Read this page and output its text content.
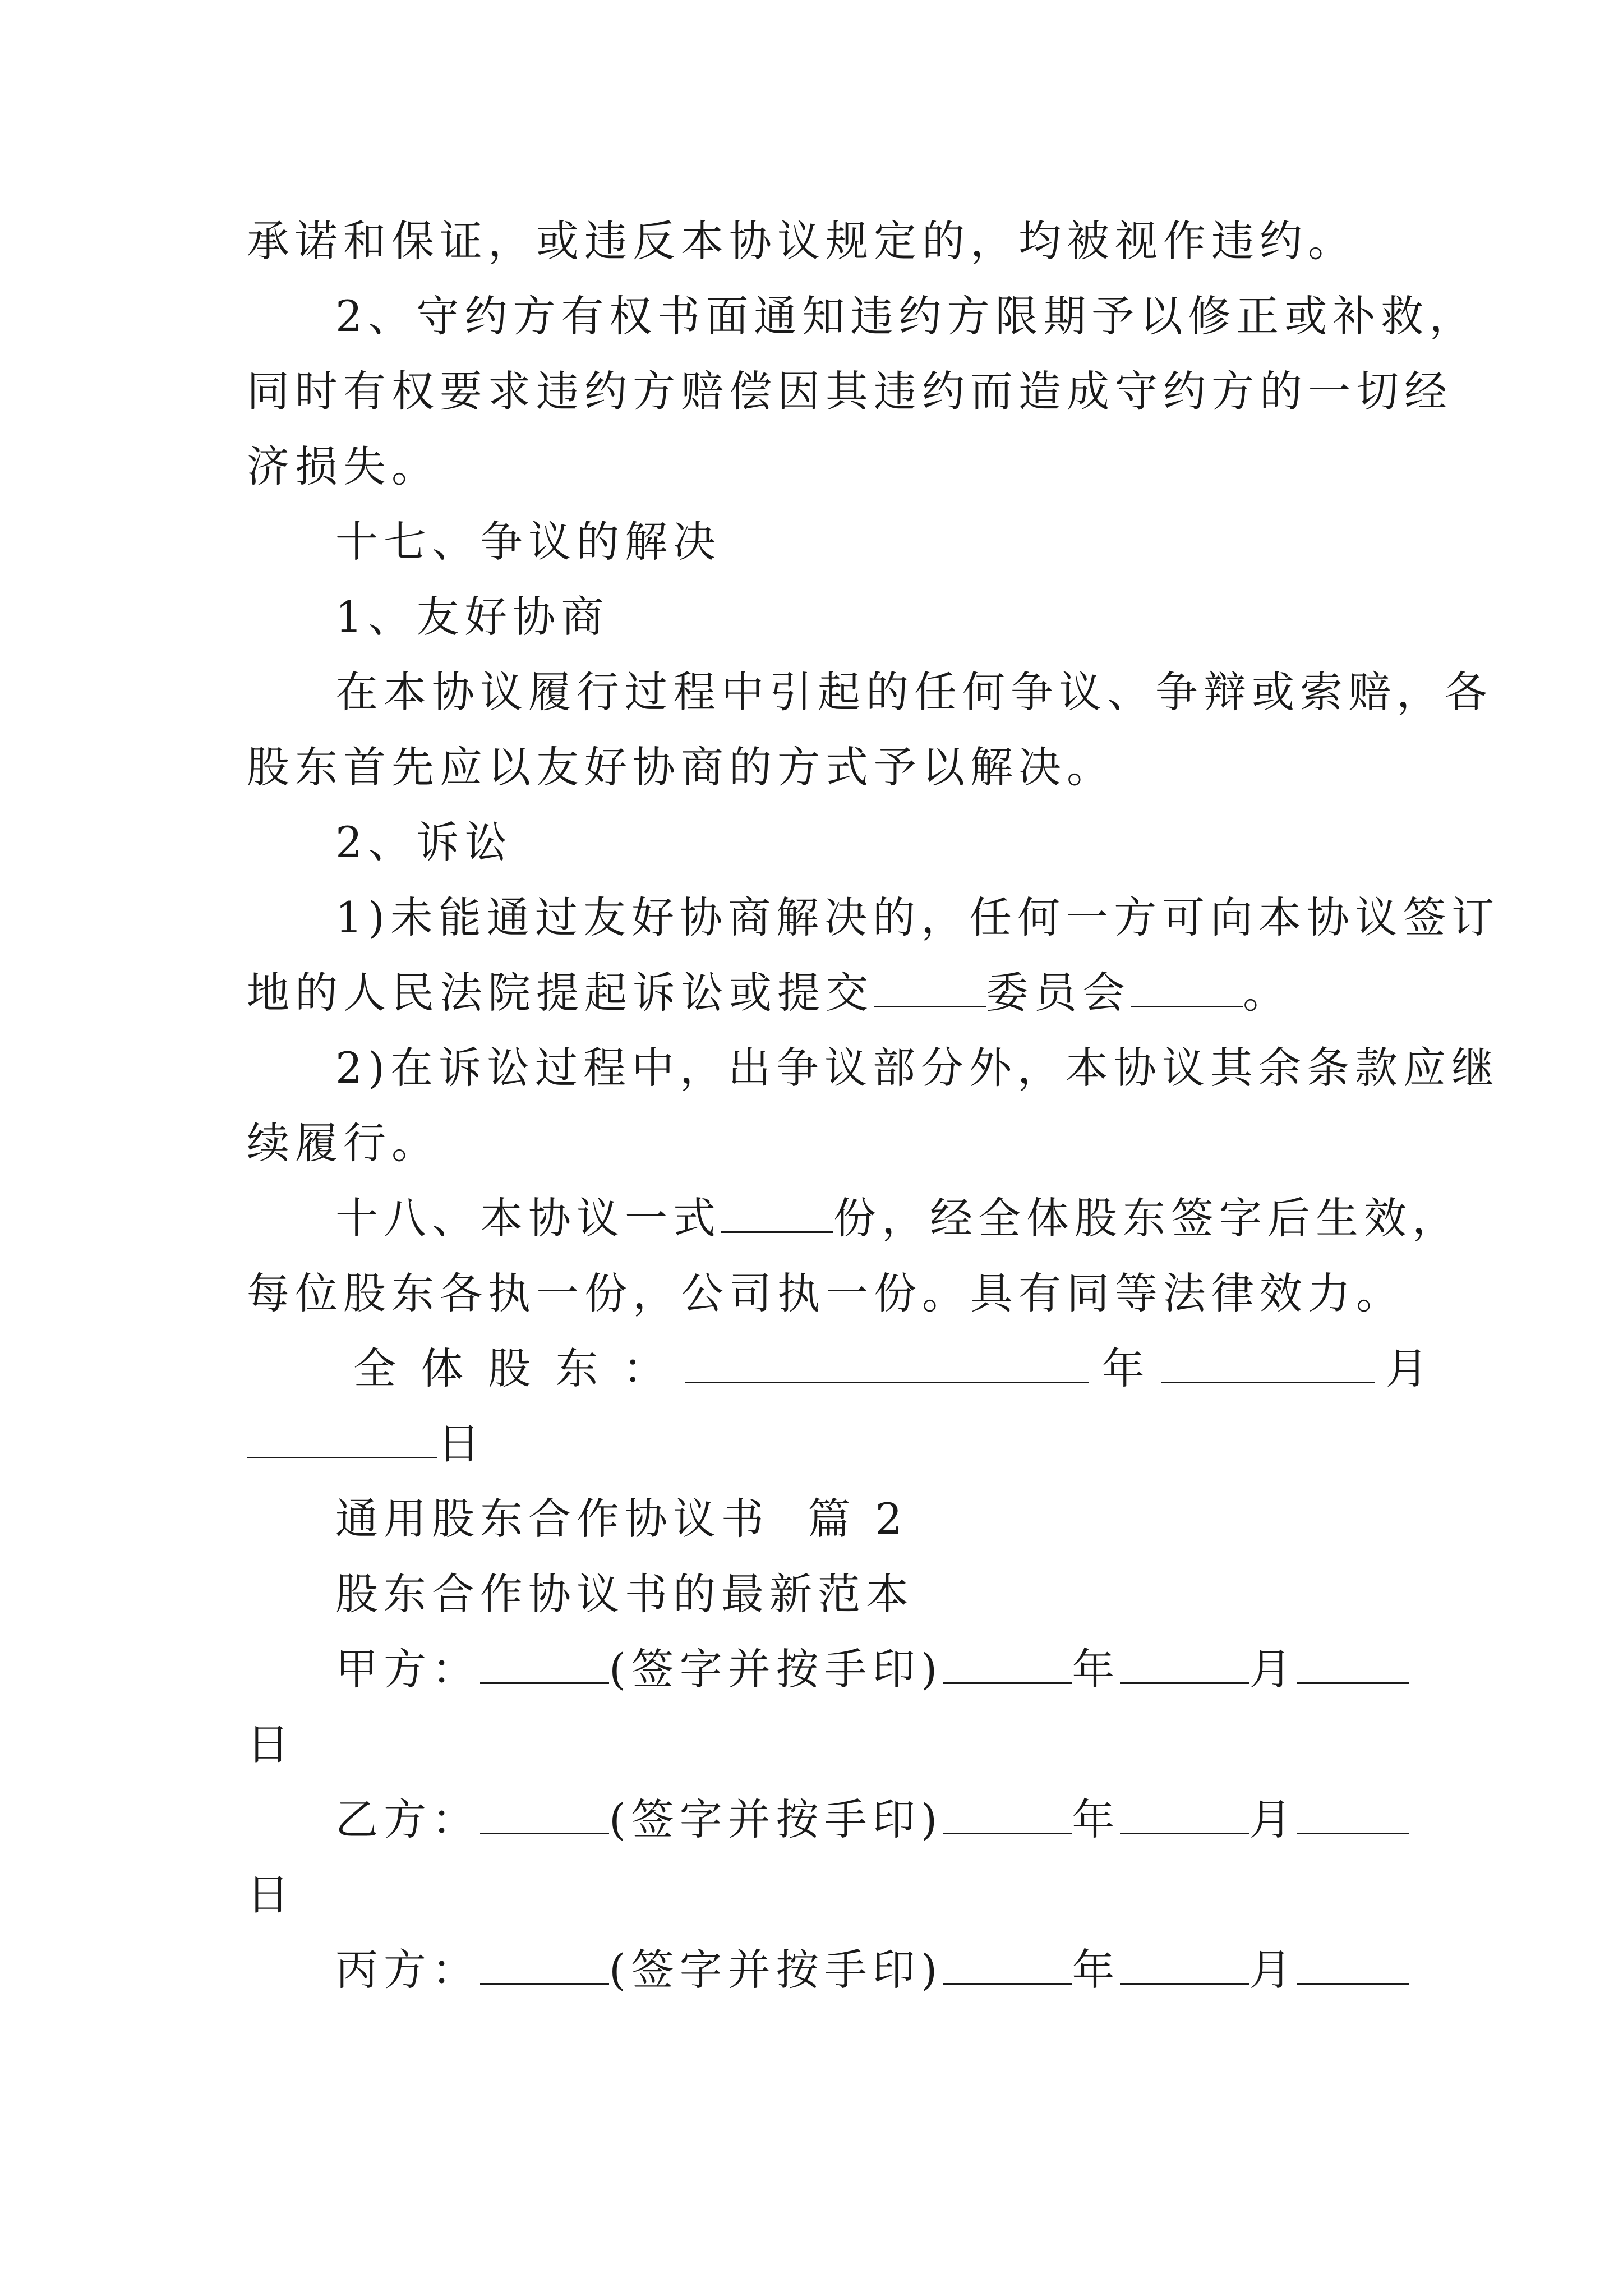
承诺和保证，或违反本协议规定的，均被视作违约。
2、守约方有权书面通知违约方限期予以修正或补救，
同时有权要求违约方赔偿因其违约而造成守约方的一切经
济损失。
十七、争议的解决
1、友好协商
在本协议履行过程中引起的任何争议、争辩或索赔，各
股东首先应以友好协商的方式予以解决。
2、诉讼
1)未能通过友好协商解决的，任何一方可向本协议签订
地的人民法院提起诉讼或提交	委员会	。
2)在诉讼过程中，出争议部分外，本协议其余条款应继
续履行。
十八、本协议一式	份，经全体股东签字后生效，
每位股东各执一份，公司执一份。具有同等法律效力。
全 体 股 东 ：	年	月
日
通用股东合作协议书 篇 2
股东合作协议书的最新范本
甲方：	(签字并按手印)	年	月
日
乙方：	(签字并按手印)	年	月
日
丙方：	(签字并按手印)	年	月
